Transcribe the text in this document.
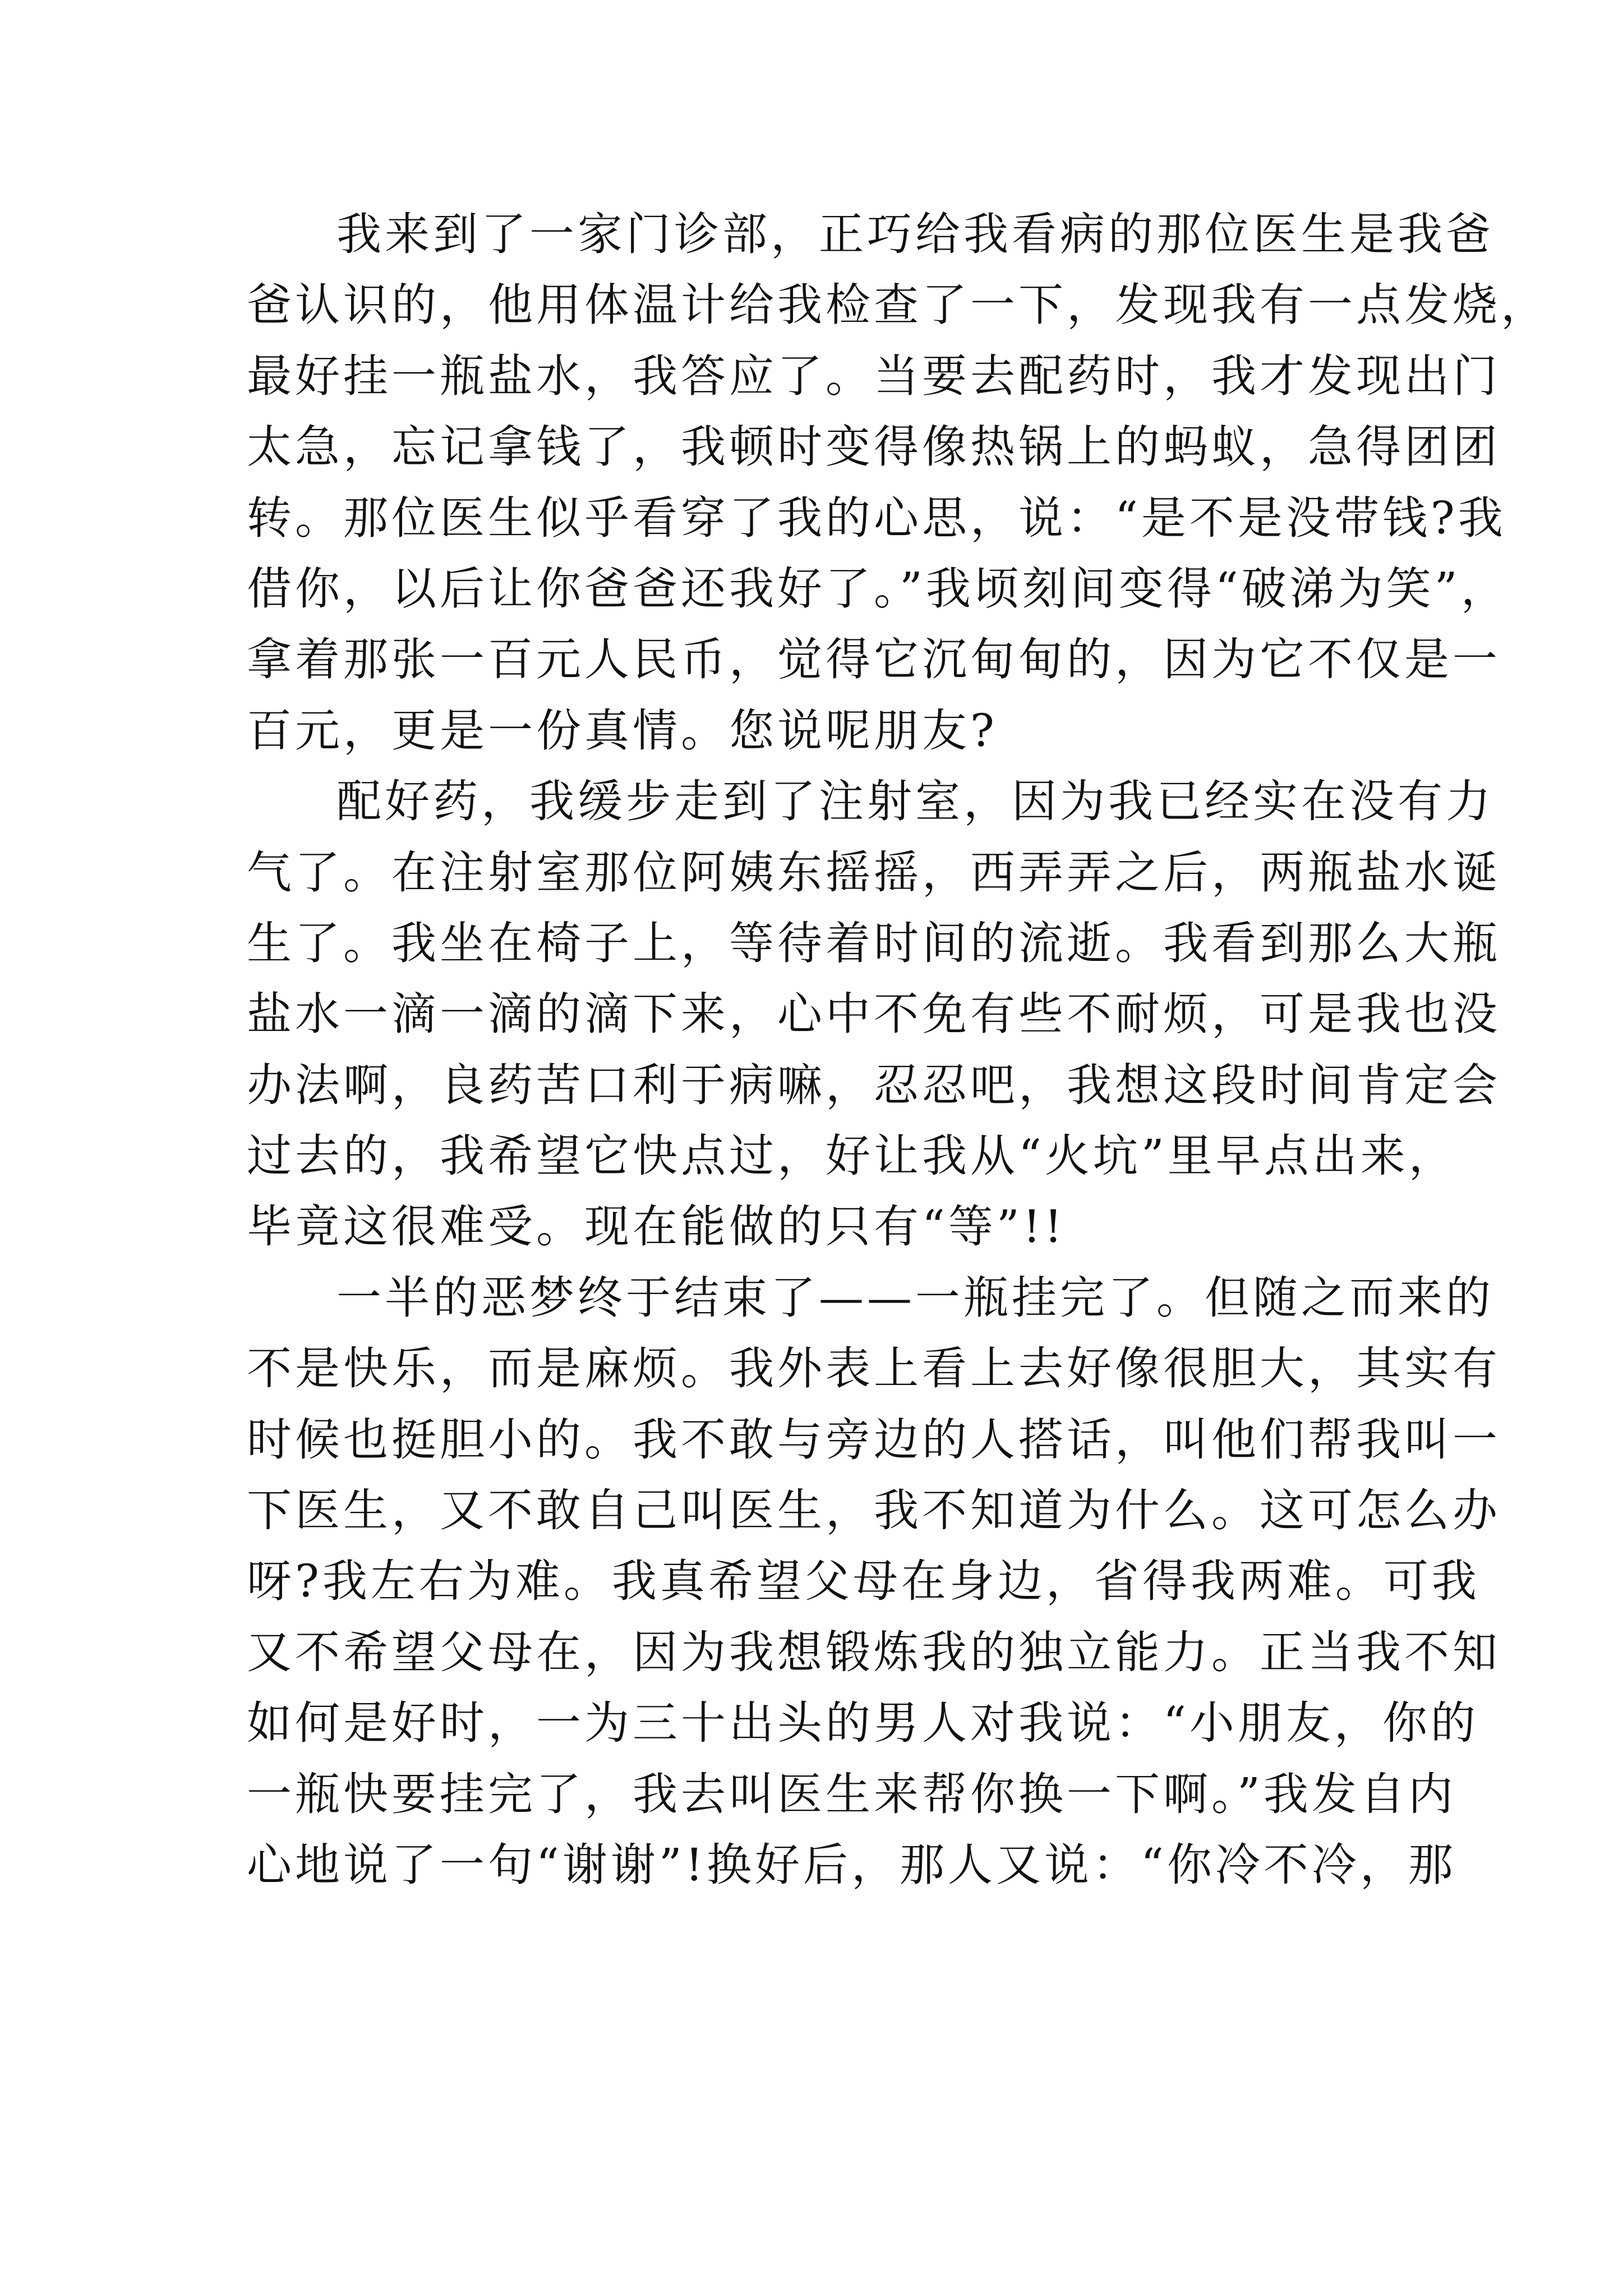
我来到了一家门诊部，正巧给我看病的那位医生是我爸
爸认识的，他用体温计给我检查了一下，发现我有一点发烧，
最好挂一瓶盐水，我答应了。当要去配药时，我才发现出门
太急，忘记拿钱了，我顿时变得像热锅上的蚂蚁，急得团团
转。那位医生似乎看穿了我的心思，说：“是不是没带钱?我
借你，以后让你爸爸还我好了。”我顷刻间变得“破涕为笑”，
拿着那张一百元人民币，觉得它沉甸甸的，因为它不仅是一
百元，更是一份真情。您说呢朋友?

配好药，我缓步走到了注射室，因为我已经实在没有力
气了。在注射室那位阿姨东摇摇，西弄弄之后，两瓶盐水诞
生了。我坐在椅子上，等待着时间的流逝。我看到那么大瓶
盐水一滴一滴的滴下来，心中不免有些不耐烦，可是我也没
办法啊，良药苦口利于病嘛，忍忍吧，我想这段时间肯定会
过去的，我希望它快点过，好让我从“火坑”里早点出来，
毕竟这很难受。现在能做的只有“等”!!

一半的恶梦终于结束了——一瓶挂完了。但随之而来的
不是快乐，而是麻烦。我外表上看上去好像很胆大，其实有
时候也挺胆小的。我不敢与旁边的人搭话，叫他们帮我叫一
下医生，又不敢自己叫医生，我不知道为什么。这可怎么办
呀?我左右为难。我真希望父母在身边，省得我两难。可我
又不希望父母在，因为我想锻炼我的独立能力。正当我不知
如何是好时，一为三十出头的男人对我说：“小朋友，你的
一瓶快要挂完了，我去叫医生来帮你换一下啊。”我发自内
心地说了一句“谢谢”!换好后，那人又说：“你冷不冷，那
